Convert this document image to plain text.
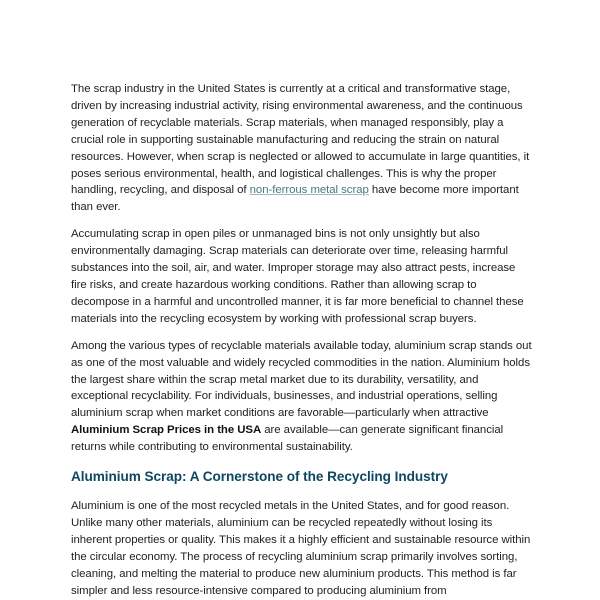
The scrap industry in the United States is currently at a critical and transformative stage, driven by increasing industrial activity, rising environmental awareness, and the continuous generation of recyclable materials. Scrap materials, when managed responsibly, play a crucial role in supporting sustainable manufacturing and reducing the strain on natural resources. However, when scrap is neglected or allowed to accumulate in large quantities, it poses serious environmental, health, and logistical challenges. This is why the proper handling, recycling, and disposal of non-ferrous metal scrap have become more important than ever.

Accumulating scrap in open piles or unmanaged bins is not only unsightly but also environmentally damaging. Scrap materials can deteriorate over time, releasing harmful substances into the soil, air, and water. Improper storage may also attract pests, increase fire risks, and create hazardous working conditions. Rather than allowing scrap to decompose in a harmful and uncontrolled manner, it is far more beneficial to channel these materials into the recycling ecosystem by working with professional scrap buyers.

Among the various types of recyclable materials available today, aluminium scrap stands out as one of the most valuable and widely recycled commodities in the nation. Aluminium holds the largest share within the scrap metal market due to its durability, versatility, and exceptional recyclability. For individuals, businesses, and industrial operations, selling aluminium scrap when market conditions are favorable—particularly when attractive Aluminium Scrap Prices in the USA are available—can generate significant financial returns while contributing to environmental sustainability.

Aluminium Scrap: A Cornerstone of the Recycling Industry

Aluminium is one of the most recycled metals in the United States, and for good reason. Unlike many other materials, aluminium can be recycled repeatedly without losing its inherent properties or quality. This makes it a highly efficient and sustainable resource within the circular economy. The process of recycling aluminium scrap primarily involves sorting, cleaning, and melting the material to produce new aluminium products. This method is far simpler and less resource-intensive compared to producing aluminium from
